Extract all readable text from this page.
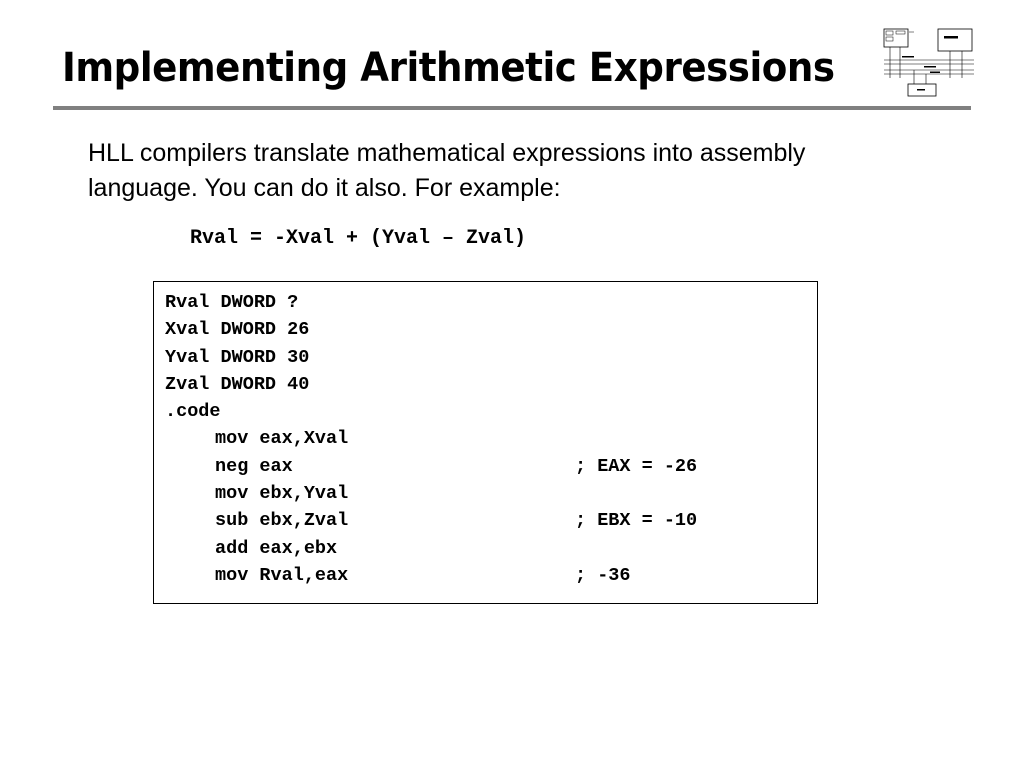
Implementing Arithmetic Expressions

HLL compilers translate mathematical expressions into assembly language. You can do it also. For example:

Rval = -Xval + (Yval – Zval)
Rval DWORD ?
Xval DWORD 26
Yval DWORD 30
Zval DWORD 40
.code
mov eax,Xval
neg eax	; EAX = -26
mov ebx,Yval
sub ebx,Zval	; EBX = -10
add eax,ebx
mov Rval,eax	; -36
